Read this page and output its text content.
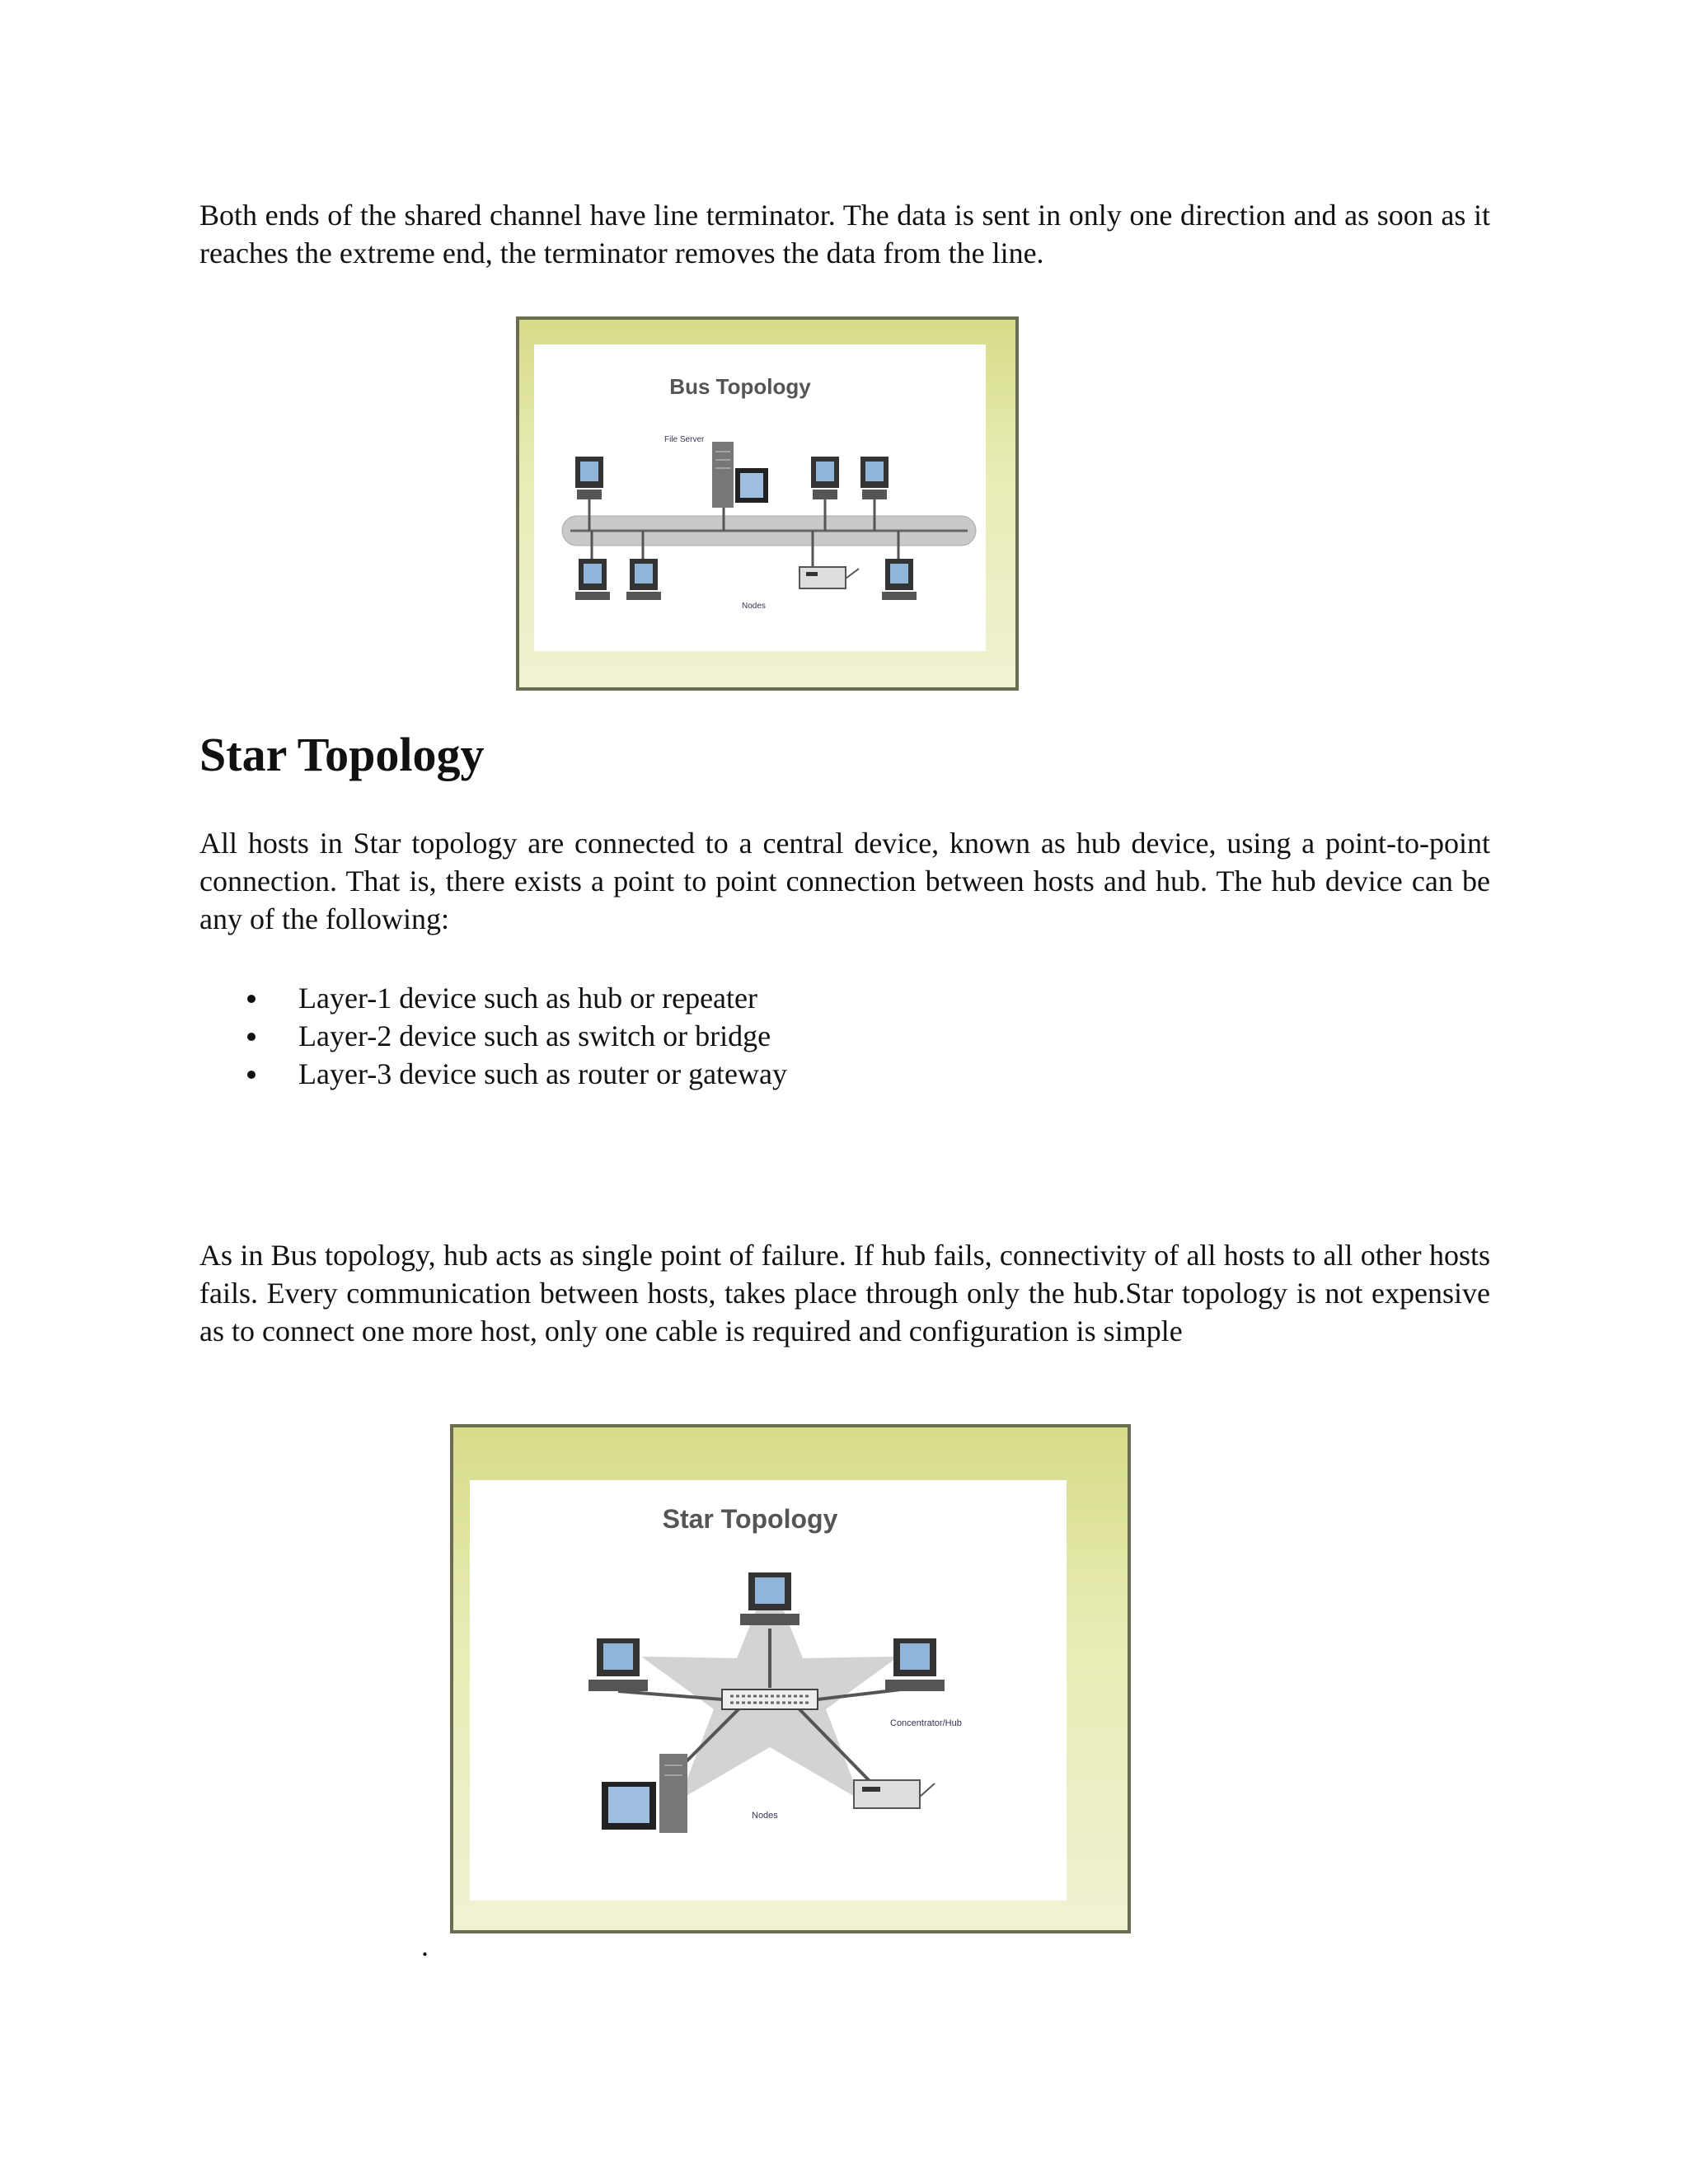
Both ends of the shared channel have line terminator. The data is sent in only one direction and as soon as it reaches the extreme end, the terminator removes the data from the line.

Bus Topology
File Server
Nodes
Star Topology

All hosts in Star topology are connected to a central device, known as hub device, using a point-to-point connection. That is, there exists a point to point connection between hosts and hub. The hub device can be any of the following:

Layer-1 device such as hub or repeater
Layer-2 device such as switch or bridge
Layer-3 device such as router or gateway

As in Bus topology, hub acts as single point of failure. If hub fails, connectivity of all hosts to all other hosts fails. Every communication between hosts, takes place through only the hub.Star topology is not expensive as to connect one more host, only one cable is required and configuration is simple

Star Topology
Concentrator/Hub
Nodes
.
